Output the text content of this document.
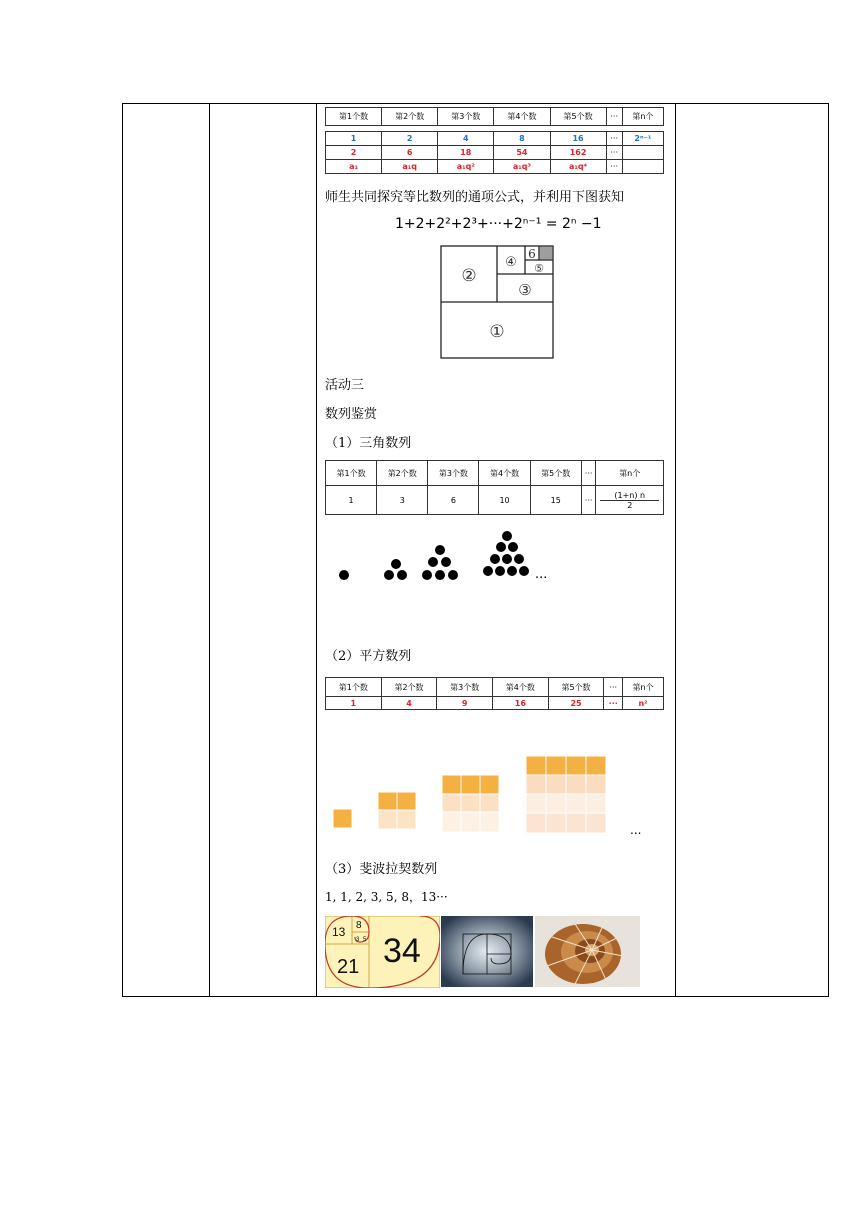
第1个数	第2个数	第3个数	第4个数	第5个数	···	第n个

1	2	4	8	16	···	2ⁿ⁻¹
2	6	18	54	162	···	
a₁	a₁q	a₁q²	a₁q³	a₁q⁴	···	
师生共同探究等比数列的通项公式，并利用下图获知
1+2+2²+2³+···+2ⁿ⁻¹ = 2ⁿ −1
①
②
③
④ ⑤
6
活动三
数列鉴赏
（1）三角数列
第1个数	第2个数	第3个数	第4个数	第5个数	···	第n个
1	3	6	10	15	···	(1+n) n
2
...
（2）平方数列
第1个数	第2个数	第3个数	第4个数	第5个数	···	第n个
1	4	9	16	25	···	n²
...
（3）斐波拉契数列
1, 1, 2, 3, 5, 8，13···
13 8
3 5
21 34
